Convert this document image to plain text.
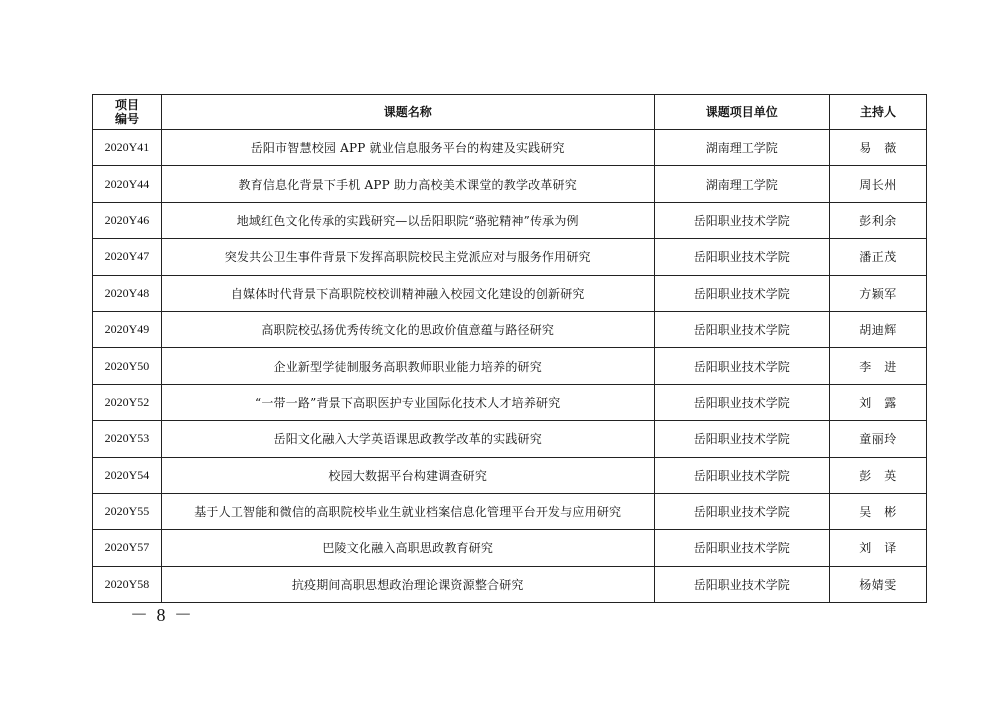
项目
编号	课题名称	课题项目单位	主持人
2020Y41	岳阳市智慧校园 APP 就业信息服务平台的构建及实践研究	湖南理工学院	易　薇
2020Y44	教育信息化背景下手机 APP 助力高校美术课堂的教学改革研究	湖南理工学院	周长州
2020Y46	地域红色文化传承的实践研究—以岳阳职院“骆驼精神”传承为例	岳阳职业技术学院	彭利余
2020Y47	突发共公卫生事件背景下发挥高职院校民主党派应对与服务作用研究	岳阳职业技术学院	潘正茂
2020Y48	自媒体时代背景下高职院校校训精神融入校园文化建设的创新研究	岳阳职业技术学院	方颖军
2020Y49	高职院校弘扬优秀传统文化的思政价值意蕴与路径研究	岳阳职业技术学院	胡迪辉
2020Y50	企业新型学徒制服务高职教师职业能力培养的研究	岳阳职业技术学院	李　进
2020Y52	“一带一路”背景下高职医护专业国际化技术人才培养研究	岳阳职业技术学院	刘　露
2020Y53	岳阳文化融入大学英语课思政教学改革的实践研究	岳阳职业技术学院	童丽玲
2020Y54	校园大数据平台构建调查研究	岳阳职业技术学院	彭　英
2020Y55	基于人工智能和微信的高职院校毕业生就业档案信息化管理平台开发与应用研究	岳阳职业技术学院	吴　彬
2020Y57	巴陵文化融入高职思政教育研究	岳阳职业技术学院	刘　译
2020Y58	抗疫期间高职思想政治理论课资源整合研究	岳阳职业技术学院	杨婧雯
－ 8 －
